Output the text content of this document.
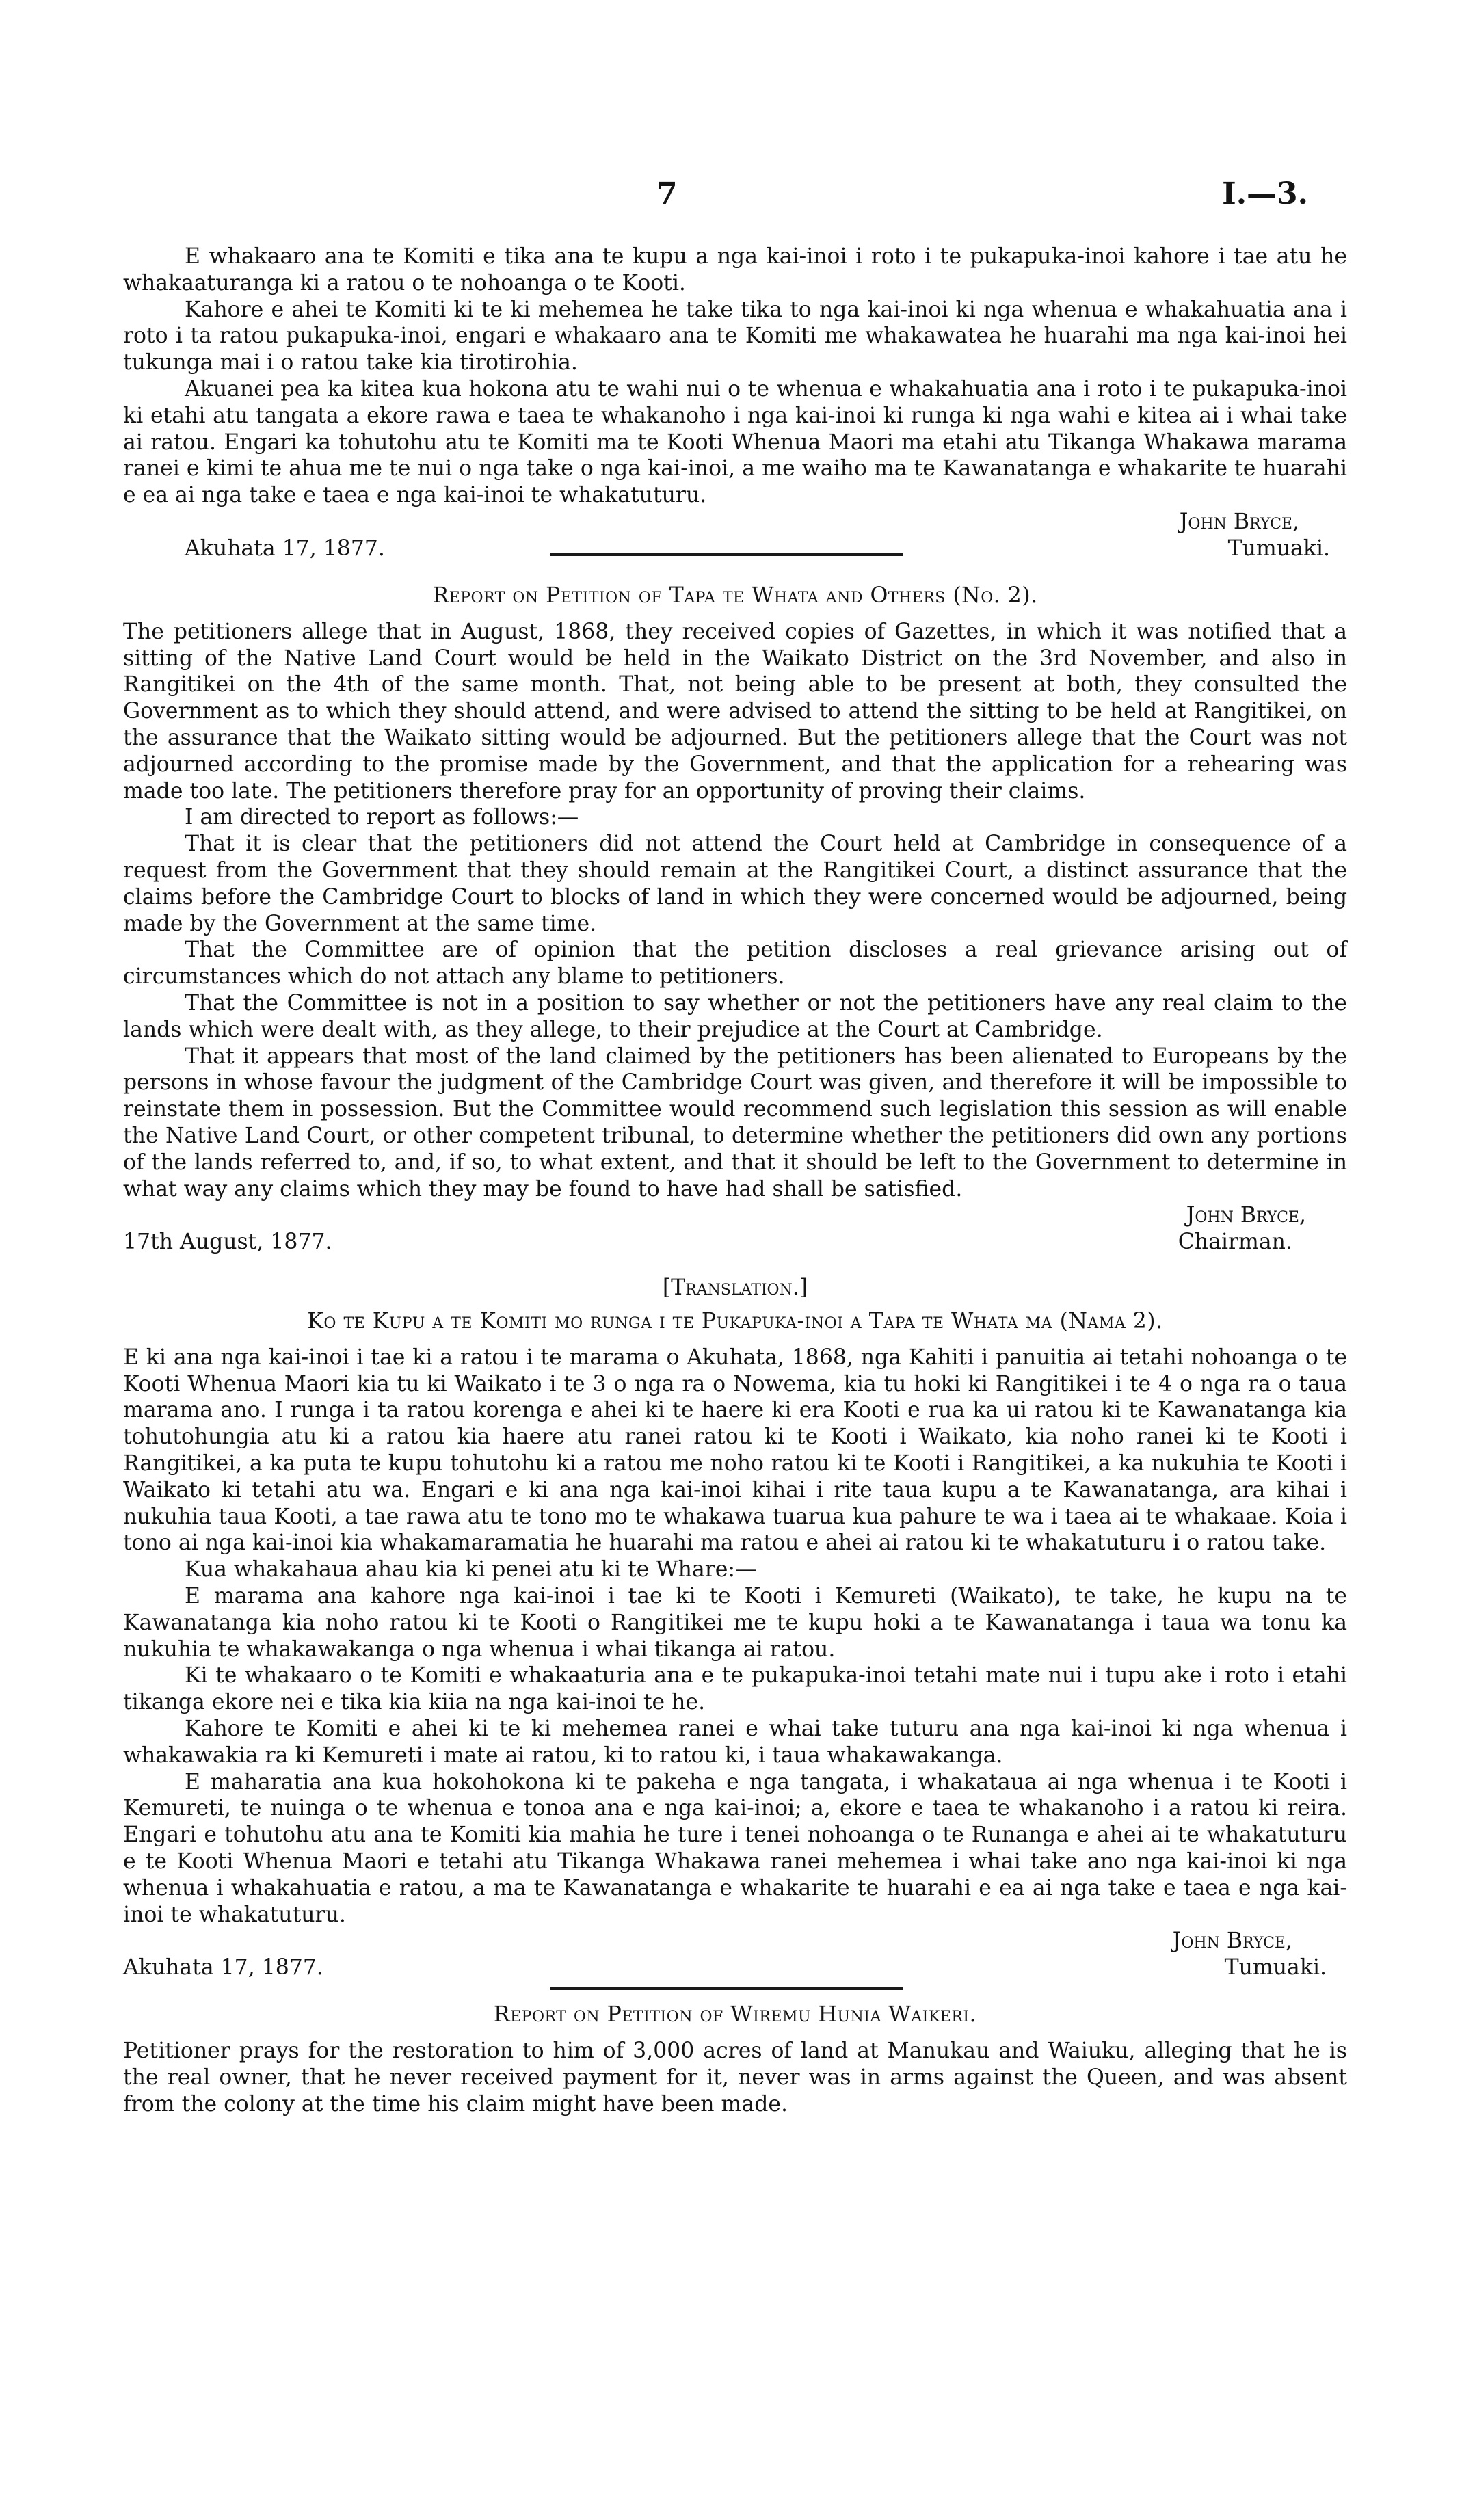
7	I.—3.

E whakaaro ana te Komiti e tika ana te kupu a nga kai-inoi i roto i te pukapuka-inoi kahore i tae atu he whakaaturanga ki a ratou o te nohoanga o te Kooti.

Kahore e ahei te Komiti ki te ki mehemea he take tika to nga kai-inoi ki nga whenua e whakahuatia ana i roto i ta ratou pukapuka-inoi, engari e whakaaro ana te Komiti me whakawatea he huarahi ma nga kai-inoi hei tukunga mai i o ratou take kia tirotirohia.

Akuanei pea ka kitea kua hokona atu te wahi nui o te whenua e whakahuatia ana i roto i te pukapuka-inoi ki etahi atu tangata a ekore rawa e taea te whakanoho i nga kai-inoi ki runga ki nga wahi e kitea ai i whai take ai ratou. Engari ka tohutohu atu te Komiti ma te Kooti Whenua Maori ma etahi atu Tikanga Whakawa marama ranei e kimi te ahua me te nui o nga take o nga kai-inoi, a me waiho ma te Kawanatanga e whakarite te huarahi e ea ai nga take e taea e nga kai-inoi te whakatuturu.

John Bryce,
Akuhata 17, 1877.	Tumuaki.

Report on Petition of Tapa te Whata and Others (No. 2).

The petitioners allege that in August, 1868, they received copies of Gazettes, in which it was notified that a sitting of the Native Land Court would be held in the Waikato District on the 3rd November, and also in Rangitikei on the 4th of the same month. That, not being able to be present at both, they consulted the Government as to which they should attend, and were advised to attend the sitting to be held at Rangitikei, on the assurance that the Waikato sitting would be adjourned. But the petitioners allege that the Court was not adjourned according to the promise made by the Government, and that the application for a rehearing was made too late. The petitioners therefore pray for an opportunity of proving their claims.

I am directed to report as follows:—

That it is clear that the petitioners did not attend the Court held at Cambridge in consequence of a request from the Government that they should remain at the Rangitikei Court, a distinct assurance that the claims before the Cambridge Court to blocks of land in which they were concerned would be adjourned, being made by the Government at the same time.

That the Committee are of opinion that the petition discloses a real grievance arising out of circumstances which do not attach any blame to petitioners.

That the Committee is not in a position to say whether or not the petitioners have any real claim to the lands which were dealt with, as they allege, to their prejudice at the Court at Cambridge.

That it appears that most of the land claimed by the petitioners has been alienated to Europeans by the persons in whose favour the judgment of the Cambridge Court was given, and therefore it will be impossible to reinstate them in possession. But the Committee would recommend such legislation this session as will enable the Native Land Court, or other competent tribunal, to determine whether the petitioners did own any portions of the lands referred to, and, if so, to what extent, and that it should be left to the Government to determine in what way any claims which they may be found to have had shall be satisfied.

John Bryce,
17th August, 1877.	Chairman.

[Translation.]

Ko te Kupu a te Komiti mo runga i te Pukapuka-inoi a Tapa te Whata ma (Nama 2).

E ki ana nga kai-inoi i tae ki a ratou i te marama o Akuhata, 1868, nga Kahiti i panuitia ai tetahi nohoanga o te Kooti Whenua Maori kia tu ki Waikato i te 3 o nga ra o Nowema, kia tu hoki ki Rangitikei i te 4 o nga ra o taua marama ano. I runga i ta ratou korenga e ahei ki te haere ki era Kooti e rua ka ui ratou ki te Kawanatanga kia tohutohungia atu ki a ratou kia haere atu ranei ratou ki te Kooti i Waikato, kia noho ranei ki te Kooti i Rangitikei, a ka puta te kupu tohutohu ki a ratou me noho ratou ki te Kooti i Rangitikei, a ka nukuhia te Kooti i Waikato ki tetahi atu wa. Engari e ki ana nga kai-inoi kihai i rite taua kupu a te Kawanatanga, ara kihai i nukuhia taua Kooti, a tae rawa atu te tono mo te whakawa tuarua kua pahure te wa i taea ai te whakaae. Koia i tono ai nga kai-inoi kia whakamaramatia he huarahi ma ratou e ahei ai ratou ki te whakatuturu i o ratou take.

Kua whakahaua ahau kia ki penei atu ki te Whare:—

E marama ana kahore nga kai-inoi i tae ki te Kooti i Kemureti (Waikato), te take, he kupu na te Kawanatanga kia noho ratou ki te Kooti o Rangitikei me te kupu hoki a te Kawanatanga i taua wa tonu ka nukuhia te whakawakanga o nga whenua i whai tikanga ai ratou.

Ki te whakaaro o te Komiti e whakaaturia ana e te pukapuka-inoi tetahi mate nui i tupu ake i roto i etahi tikanga ekore nei e tika kia kiia na nga kai-inoi te he.

Kahore te Komiti e ahei ki te ki mehemea ranei e whai take tuturu ana nga kai-inoi ki nga whenua i whakawakia ra ki Kemureti i mate ai ratou, ki to ratou ki, i taua whakawakanga.

E maharatia ana kua hokohokona ki te pakeha e nga tangata, i whakataua ai nga whenua i te Kooti i Kemureti, te nuinga o te whenua e tonoa ana e nga kai-inoi; a, ekore e taea te whakanoho i a ratou ki reira. Engari e tohutohu atu ana te Komiti kia mahia he ture i tenei nohoanga o te Runanga e ahei ai te whakatuturu e te Kooti Whenua Maori e tetahi atu Tikanga Whakawa ranei mehemea i whai take ano nga kai-inoi ki nga whenua i whakahuatia e ratou, a ma te Kawanatanga e whakarite te huarahi e ea ai nga take e taea e nga kai-inoi te whakatuturu.

John Bryce,
Akuhata 17, 1877.	Tumuaki.

Report on Petition of Wiremu Hunia Waikeri.

Petitioner prays for the restoration to him of 3,000 acres of land at Manukau and Waiuku, alleging that he is the real owner, that he never received payment for it, never was in arms against the Queen, and was absent from the colony at the time his claim might have been made.
